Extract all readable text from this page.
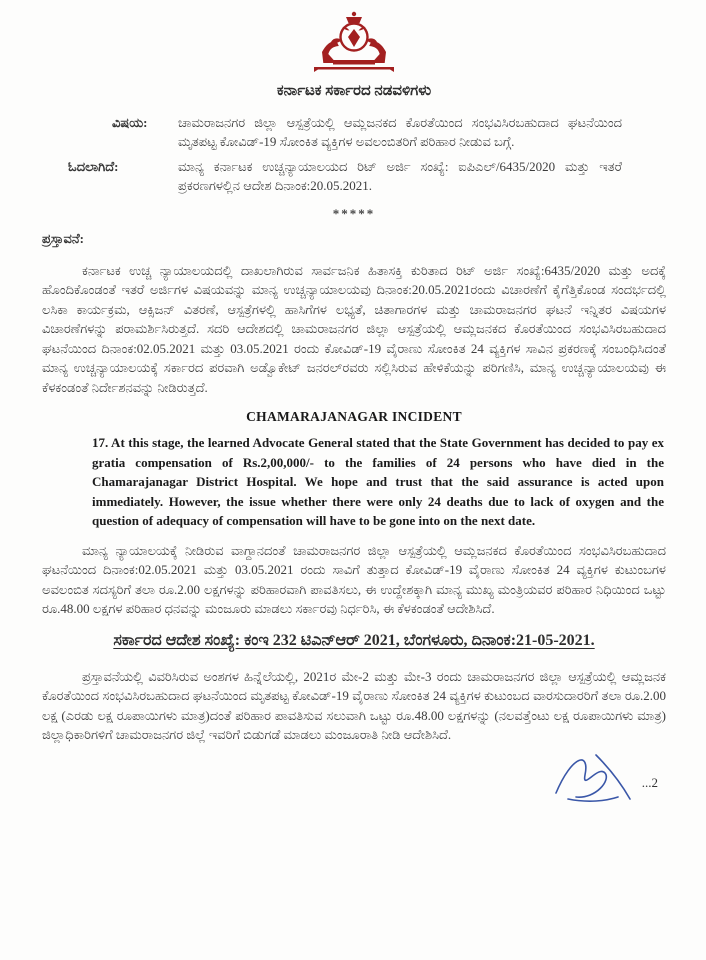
ಕರ್ನಾಟಕ ಸರ್ಕಾರದ ನಡವಳಿಗಳು
ವಿಷಯ:	ಚಾಮರಾಜನಗರ ಜಿಲ್ಲಾ ಆಸ್ಪತ್ರೆಯಲ್ಲಿ ಆಮ್ಲಜನಕದ ಕೊರತೆಯಿಂದ ಸಂಭವಿಸಿರಬಹುದಾದ ಘಟನೆಯಿಂದ ಮೃತಪಟ್ಟ ಕೋವಿಡ್-19 ಸೋಂಕಿತ ವ್ಯಕ್ತಿಗಳ ಅವಲಂಬಿತರಿಗೆ ಪರಿಹಾರ ನೀಡುವ ಬಗ್ಗೆ.
ಓದಲಾಗಿದೆ:	ಮಾನ್ಯ ಕರ್ನಾಟಕ ಉಚ್ಚನ್ಯಾಯಾಲಯದ ರಿಟ್ ಅರ್ಜಿ ಸಂಖ್ಯೆ: ಐಪಿಎಲ್/6435/2020 ಮತ್ತು ಇತರೆ ಪ್ರಕರಣಗಳಲ್ಲಿನ ಆದೇಶ ದಿನಾಂಕ:20.05.2021.
*****
ಪ್ರಸ್ತಾವನೆ:

ಕರ್ನಾಟಕ ಉಚ್ಚ ನ್ಯಾಯಾಲಯದಲ್ಲಿ ದಾಖಲಾಗಿರುವ ಸಾರ್ವಜನಿಕ ಹಿತಾಸಕ್ತಿ ಕುರಿತಾದ ರಿಟ್ ಅರ್ಜಿ ಸಂಖ್ಯೆ:6435/2020 ಮತ್ತು ಅದಕ್ಕೆ ಹೊಂದಿಕೊಂಡಂತೆ ಇತರೆ ಅರ್ಜಿಗಳ ವಿಷಯವನ್ನು ಮಾನ್ಯ ಉಚ್ಚನ್ಯಾಯಾಲಯವು ದಿನಾಂಕ:20.05.2021ರಂದು ವಿಚಾರಣೆಗೆ ಕೈಗೆತ್ತಿಕೊಂಡ ಸಂದರ್ಭದಲ್ಲಿ ಲಸಿಕಾ ಕಾರ್ಯಕ್ರಮ, ಆಕ್ಸಿಜನ್ ವಿತರಣೆ, ಆಸ್ಪತ್ರೆಗಳಲ್ಲಿ ಹಾಸಿಗೆಗಳ ಲಭ್ಯತೆ, ಚಿತಾಗಾರಗಳ ಮತ್ತು ಚಾಮರಾಜನಗರ ಘಟನೆ ಇನ್ನಿತರ ವಿಷಯಗಳ ವಿಚಾರಣೆಗಳನ್ನು ಪರಾಮರ್ಶಿಸಿರುತ್ತದೆ. ಸದರಿ ಆದೇಶದಲ್ಲಿ ಚಾಮರಾಜನಗರ ಜಿಲ್ಲಾ ಆಸ್ಪತ್ರೆಯಲ್ಲಿ ಆಮ್ಲಜನಕದ ಕೊರತೆಯಿಂದ ಸಂಭವಿಸಿರಬಹುದಾದ ಘಟನೆಯಿಂದ ದಿನಾಂಕ:02.05.2021 ಮತ್ತು 03.05.2021 ರಂದು ಕೋವಿಡ್-19 ವೈರಾಣು ಸೋಂಕಿತ 24 ವ್ಯಕ್ತಿಗಳ ಸಾವಿನ ಪ್ರಕರಣಕ್ಕೆ ಸಂಬಂಧಿಸಿದಂತೆ ಮಾನ್ಯ ಉಚ್ಚನ್ಯಾಯಾಲಯಕ್ಕೆ ಸರ್ಕಾರದ ಪರವಾಗಿ ಅಡ್ವೊಕೇಟ್ ಜನರಲ್‌ರವರು ಸಲ್ಲಿಸಿರುವ ಹೇಳಿಕೆಯನ್ನು ಪರಿಗಣಿಸಿ, ಮಾನ್ಯ ಉಚ್ಚನ್ಯಾಯಾಲಯವು ಈ ಕೆಳಕಂಡಂತೆ ನಿರ್ದೇಶನವನ್ನು ನೀಡಿರುತ್ತದೆ.

CHAMARAJANAGAR INCIDENT

17. At this stage, the learned Advocate General stated that the State Government has decided to pay ex gratia compensation of Rs.2,00,000/- to the families of 24 persons who have died in the Chamarajanagar District Hospital. We hope and trust that the said assurance is acted upon immediately. However, the issue whether there were only 24 deaths due to lack of oxygen and the question of adequacy of compensation will have to be gone into on the next date.

ಮಾನ್ಯ ನ್ಯಾಯಾಲಯಕ್ಕೆ ನೀಡಿರುವ ವಾಗ್ದಾನದಂತೆ ಚಾಮರಾಜನಗರ ಜಿಲ್ಲಾ ಆಸ್ಪತ್ರೆಯಲ್ಲಿ ಆಮ್ಲಜನಕದ ಕೊರತೆಯಿಂದ ಸಂಭವಿಸಿರಬಹುದಾದ ಘಟನೆಯಿಂದ ದಿನಾಂಕ:02.05.2021 ಮತ್ತು 03.05.2021 ರಂದು ಸಾವಿಗೆ ತುತ್ತಾದ ಕೋವಿಡ್-19 ವೈರಾಣು ಸೋಂಕಿತ 24 ವ್ಯಕ್ತಿಗಳ ಕುಟುಂಬಗಳ ಅವಲಂಬಿತ ಸದಸ್ಯರಿಗೆ ತಲಾ ರೂ.2.00 ಲಕ್ಷಗಳನ್ನು ಪರಿಹಾರವಾಗಿ ಪಾವತಿಸಲು, ಈ ಉದ್ದೇಶಕ್ಕಾಗಿ ಮಾನ್ಯ ಮುಖ್ಯ ಮಂತ್ರಿಯವರ ಪರಿಹಾರ ನಿಧಿಯಿಂದ ಒಟ್ಟು ರೂ.48.00 ಲಕ್ಷಗಳ ಪರಿಹಾರ ಧನವನ್ನು ಮಂಜೂರು ಮಾಡಲು ಸರ್ಕಾರವು ನಿರ್ಧರಿಸಿ, ಈ ಕೆಳಕಂಡಂತೆ ಆದೇಶಿಸಿದೆ.

ಸರ್ಕಾರದ ಆದೇಶ ಸಂಖ್ಯೆ: ಕಂಇ 232 ಟಿಎನ್ಆರ್ 2021, ಬೆಂಗಳೂರು, ದಿನಾಂಕ:21-05-2021.

ಪ್ರಸ್ತಾವನೆಯಲ್ಲಿ ವಿವರಿಸಿರುವ ಅಂಶಗಳ ಹಿನ್ನೆಲೆಯಲ್ಲಿ, 2021ರ ಮೇ-2 ಮತ್ತು ಮೇ-3 ರಂದು ಚಾಮರಾಜನಗರ ಜಿಲ್ಲಾ ಆಸ್ಪತ್ರೆಯಲ್ಲಿ ಆಮ್ಲಜನಕ ಕೊರತೆಯಿಂದ ಸಂಭವಿಸಿರಬಹುದಾದ ಘಟನೆಯಿಂದ ಮೃತಪಟ್ಟ ಕೋವಿಡ್-19 ವೈರಾಣು ಸೋಂಕಿತ 24 ವ್ಯಕ್ತಿಗಳ ಕುಟುಂಬದ ವಾರಸುದಾರರಿಗೆ ತಲಾ ರೂ.2.00 ಲಕ್ಷ (ಎರಡು ಲಕ್ಷ ರೂಪಾಯಿಗಳು ಮಾತ್ರ)ದಂತೆ ಪರಿಹಾರ ಪಾವತಿಸುವ ಸಲುವಾಗಿ ಒಟ್ಟು ರೂ.48.00 ಲಕ್ಷಗಳನ್ನು (ನಲವತ್ತೆಂಟು ಲಕ್ಷ ರೂಪಾಯಿಗಳು ಮಾತ್ರ) ಜಿಲ್ಲಾಧಿಕಾರಿಗಳಿಗೆ ಚಾಮರಾಜನಗರ ಜಿಲ್ಲೆ ಇವರಿಗೆ ಬಿಡುಗಡೆ ಮಾಡಲು ಮಂಜೂರಾತಿ ನೀಡಿ ಆದೇಶಿಸಿದೆ.

...2
